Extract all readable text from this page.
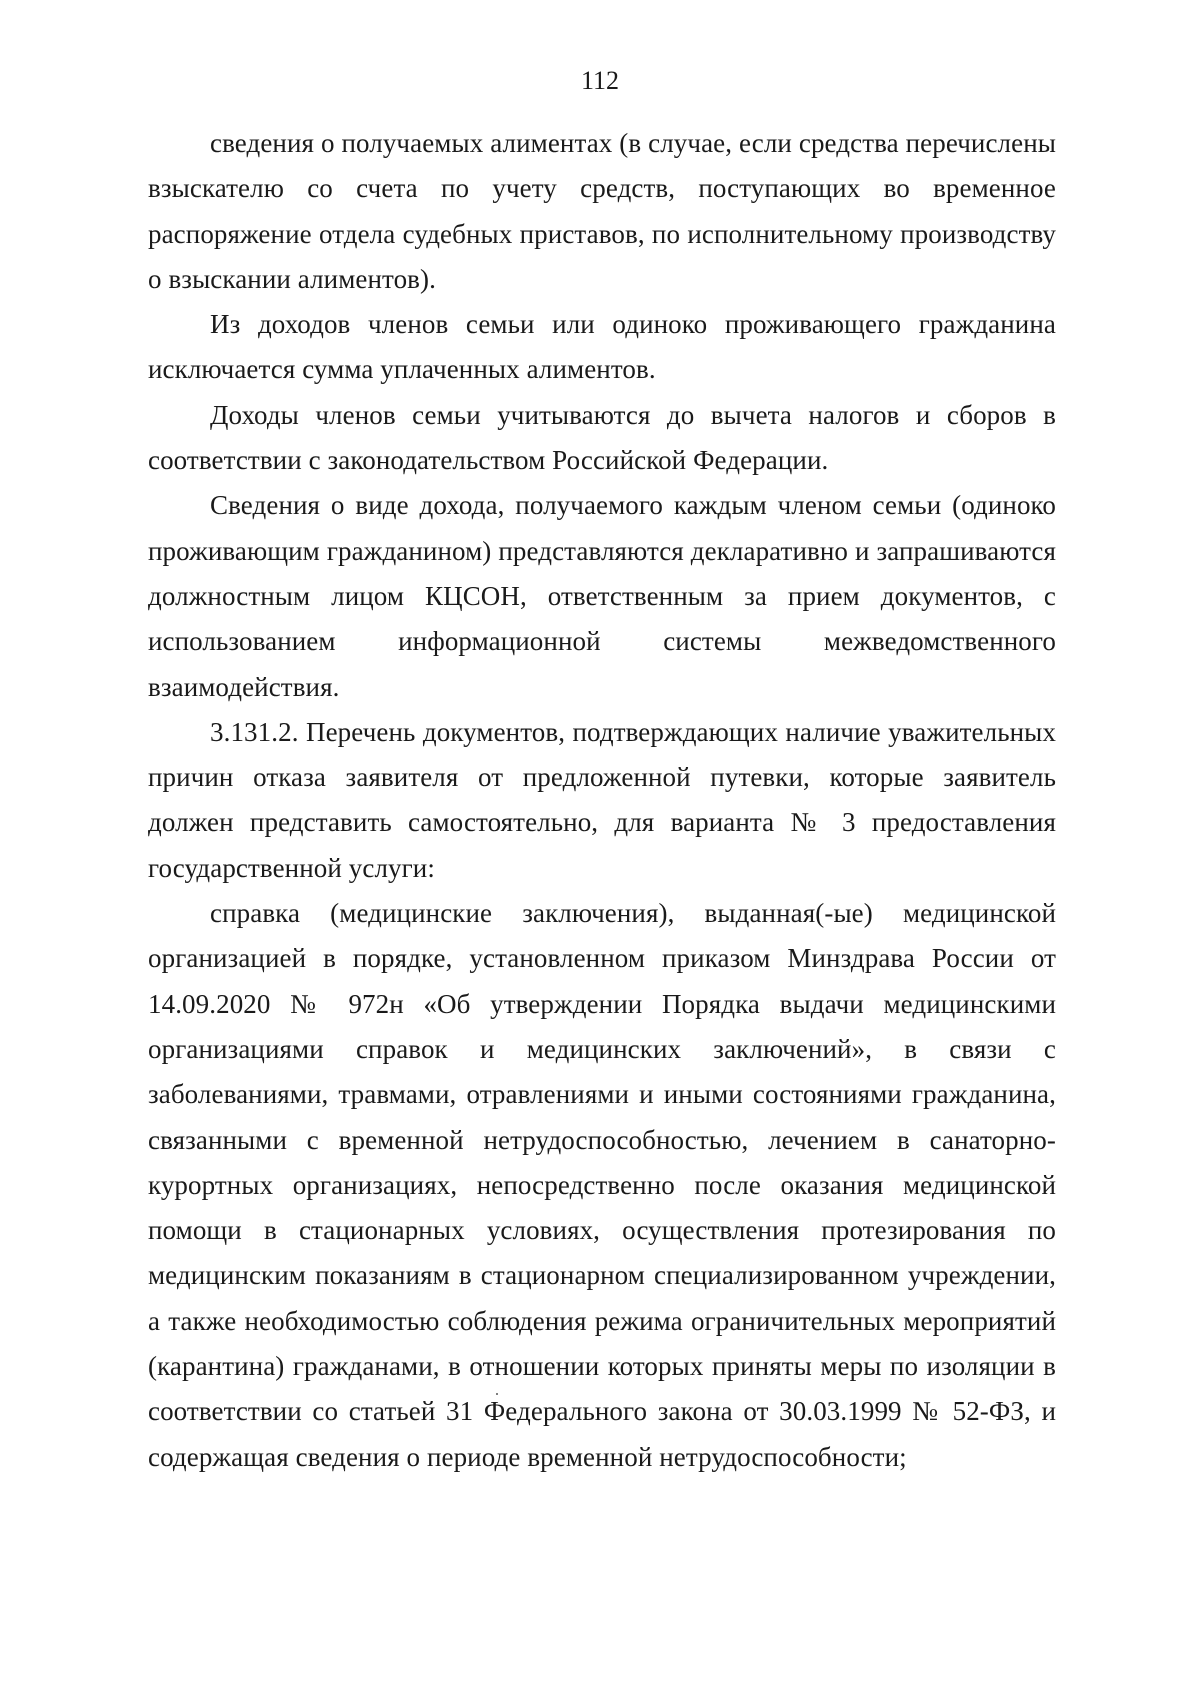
112

сведения о получаемых алиментах (в случае, если средства перечислены взыскателю со счета по учету средств, поступающих во временное распоряжение отдела судебных приставов, по исполнительному производству о взыскании алиментов).

Из доходов членов семьи или одиноко проживающего гражданина исключается сумма уплаченных алиментов.

Доходы членов семьи учитываются до вычета налогов и сборов в соответствии с законодательством Российской Федерации.

Сведения о виде дохода, получаемого каждым членом семьи (одиноко проживающим гражданином) представляются декларативно и запрашиваются должностным лицом КЦСОН, ответственным за прием документов, с использованием информационной системы межведомственного взаимодействия.

3.131.2. Перечень документов, подтверждающих наличие уважительных причин отказа заявителя от предложенной путевки, которые заявитель должен представить самостоятельно, для варианта № 3 предоставления государственной услуги:

справка (медицинские заключения), выданная(-ые) медицинской организацией в порядке, установленном приказом Минздрава России от 14.09.2020 № 972н «Об утверждении Порядка выдачи медицинскими организациями справок и медицинских заключений», в связи с заболеваниями, травмами, отравлениями и иными состояниями гражданина, связанными с временной нетрудоспособностью, лечением в санаторно-курортных организациях, непосредственно после оказания медицинской помощи в стационарных условиях, осуществления протезирования по медицинским показаниям в стационарном специализированном учреждении, а также необходимостью соблюдения режима ограничительных мероприятий (карантина) гражданами, в отношении которых приняты меры по изоляции в соответствии со статьей 31 Федерального закона от 30.03.1999 № 52-ФЗ, и содержащая сведения о периоде временной нетрудоспособности;
